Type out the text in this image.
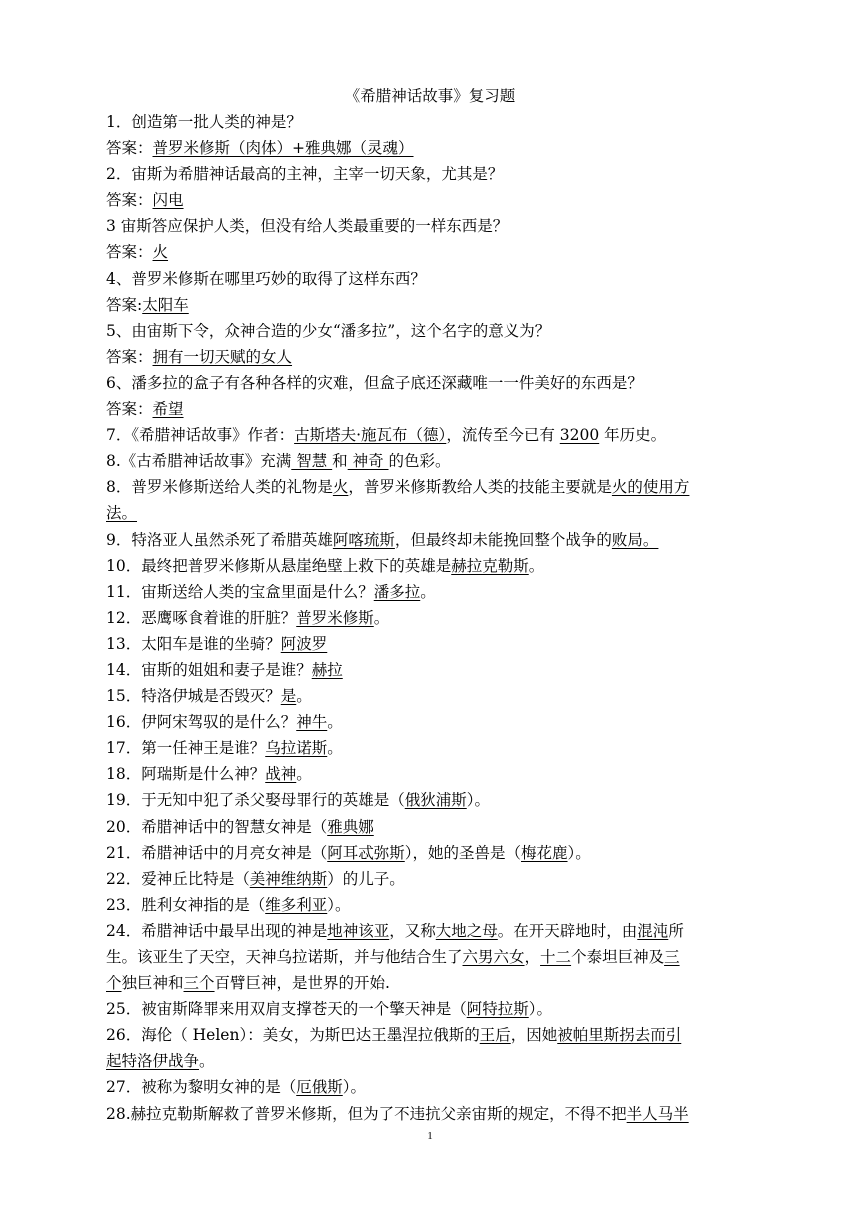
《希腊神话故事》复习题
1．创造第一批人类的神是？
答案：普罗米修斯（肉体）+雅典娜（灵魂）
2．宙斯为希腊神话最高的主神，主宰一切天象，尤其是？
答案：闪电
3 宙斯答应保护人类，但没有给人类最重要的一样东西是？
答案：火
4、普罗米修斯在哪里巧妙的取得了这样东西？
答案:太阳车
5、由宙斯下令，众神合造的少女“潘多拉”，这个名字的意义为？
答案：拥有一切天赋的女人
6、潘多拉的盒子有各种各样的灾难，但盒子底还深藏唯一一件美好的东西是？
答案：希望
7．《希腊神话故事》作者：古斯塔夫·施瓦布（德），流传至今已有 3200 年历史。
8.《古希腊神话故事》充满 智慧 和 神奇 的色彩。
8．普罗米修斯送给人类的礼物是火，普罗米修斯教给人类的技能主要就是火的使用方
法。
9．特洛亚人虽然杀死了希腊英雄阿喀琉斯，但最终却未能挽回整个战争的败局。
10．最终把普罗米修斯从悬崖绝壁上救下的英雄是赫拉克勒斯。
11．宙斯送给人类的宝盒里面是什么？潘多拉。
12．恶鹰啄食着谁的肝脏？普罗米修斯。
13．太阳车是谁的坐骑？阿波罗
14．宙斯的姐姐和妻子是谁？赫拉
15．特洛伊城是否毁灭？是。
16．伊阿宋驾驭的是什么？神牛。
17．第一任神王是谁？乌拉诺斯。
18．阿瑞斯是什么神？战神。
19．于无知中犯了杀父娶母罪行的英雄是（俄狄浦斯）。
20．希腊神话中的智慧女神是（雅典娜
21．希腊神话中的月亮女神是（阿耳忒弥斯），她的圣兽是（梅花鹿）。
22．爱神丘比特是（美神维纳斯）的儿子。
23．胜利女神指的是（维多利亚）。
24．希腊神话中最早出现的神是地神该亚，又称大地之母。在开天辟地时，由混沌所
生。该亚生了天空，天神乌拉诺斯，并与他结合生了六男六女，十二个泰坦巨神及三
个独巨神和三个百臂巨神，是世界的开始.
25．被宙斯降罪来用双肩支撑苍天的一个擎天神是（阿特拉斯）。
26．海伦（ Helen）：美女，为斯巴达王墨涅拉俄斯的王后，因她被帕里斯拐去而引
起特洛伊战争。
27．被称为黎明女神的是（厄俄斯）。
28.赫拉克勒斯解救了普罗米修斯，但为了不违抗父亲宙斯的规定，不得不把半人马半
1
